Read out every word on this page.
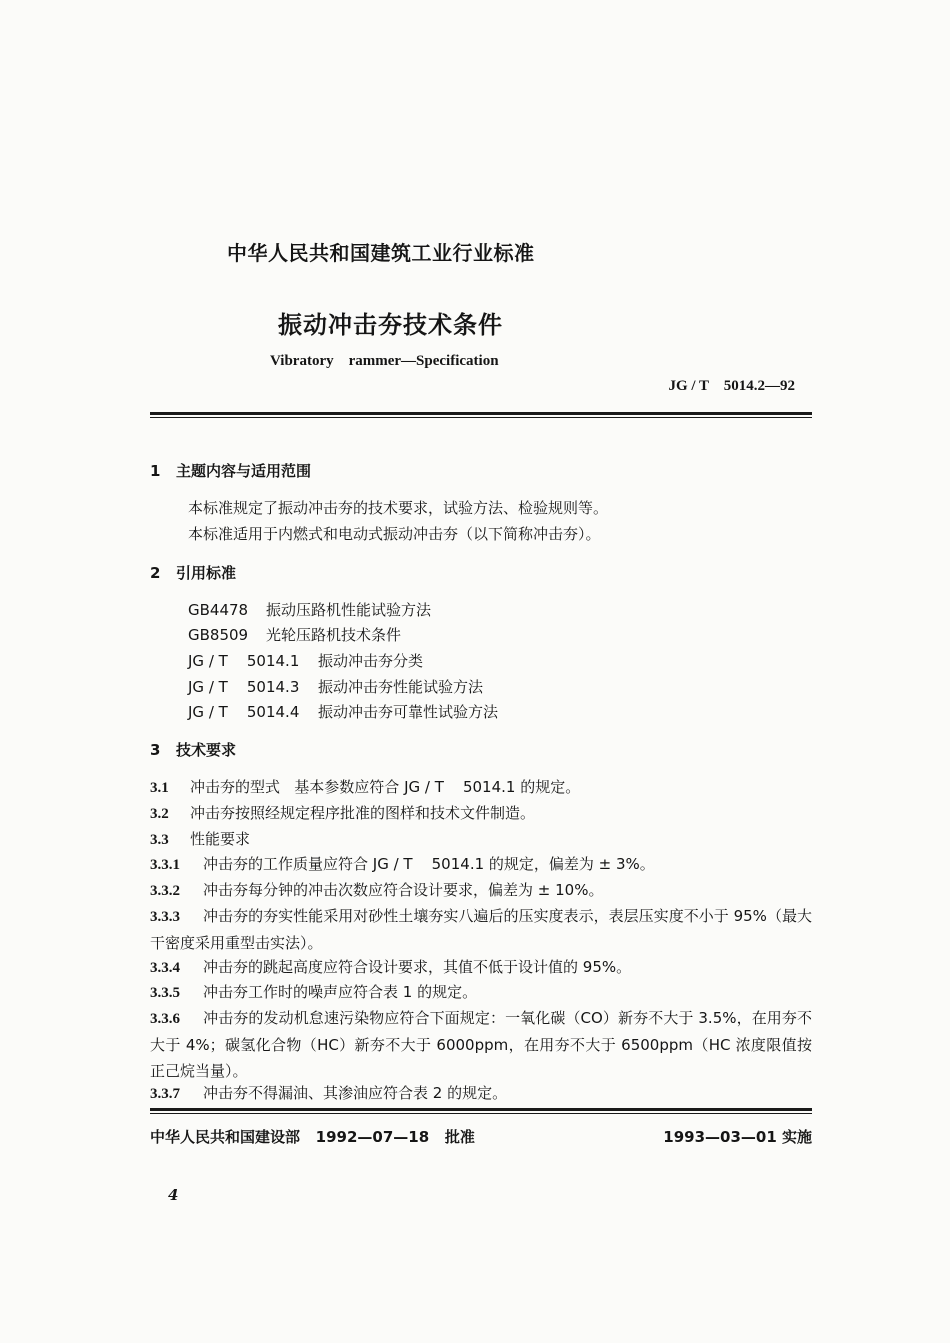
中华人民共和国建筑工业行业标准
振动冲击夯技术条件
Vibratory    rammer—Specification
JG / T    5014.2—92
1 主题内容与适用范围
本标准规定了振动冲击夯的技术要求，试验方法、检验规则等。
本标准适用于内燃式和电动式振动冲击夯（以下简称冲击夯）。
2 引用标准
GB4478 振动压路机性能试验方法
GB8509 光轮压路机技术条件
JG / T    5014.1 振动冲击夯分类
JG / T    5014.3 振动冲击夯性能试验方法
JG / T    5014.4 振动冲击夯可靠性试验方法
3 技术要求
3.1 冲击夯的型式   基本参数应符合 JG / T    5014.1 的规定。
3.2 冲击夯按照经规定程序批准的图样和技术文件制造。
3.3 性能要求
3.3.1 冲击夯的工作质量应符合 JG / T    5014.1 的规定，偏差为 ± 3%。
3.3.2 冲击夯每分钟的冲击次数应符合设计要求，偏差为 ± 10%。
3.3.3 冲击夯的夯实性能采用对砂性土壤夯实八遍后的压实度表示，表层压实度不小于 95%（最大干密度采用重型击实法）。
3.3.4 冲击夯的跳起高度应符合设计要求，其值不低于设计值的 95%。
3.3.5 冲击夯工作时的噪声应符合表 1 的规定。
3.3.6 冲击夯的发动机怠速污染物应符合下面规定：一氧化碳（CO）新夯不大于 3.5%，在用夯不大于 4%；碳氢化合物（HC）新夯不大于 6000ppm，在用夯不大于 6500ppm（HC 浓度限值按正己烷当量）。
3.3.7 冲击夯不得漏油、其渗油应符合表 2 的规定。
中华人民共和国建设部   1992—07—18   批准	1993—03—01 实施
4
